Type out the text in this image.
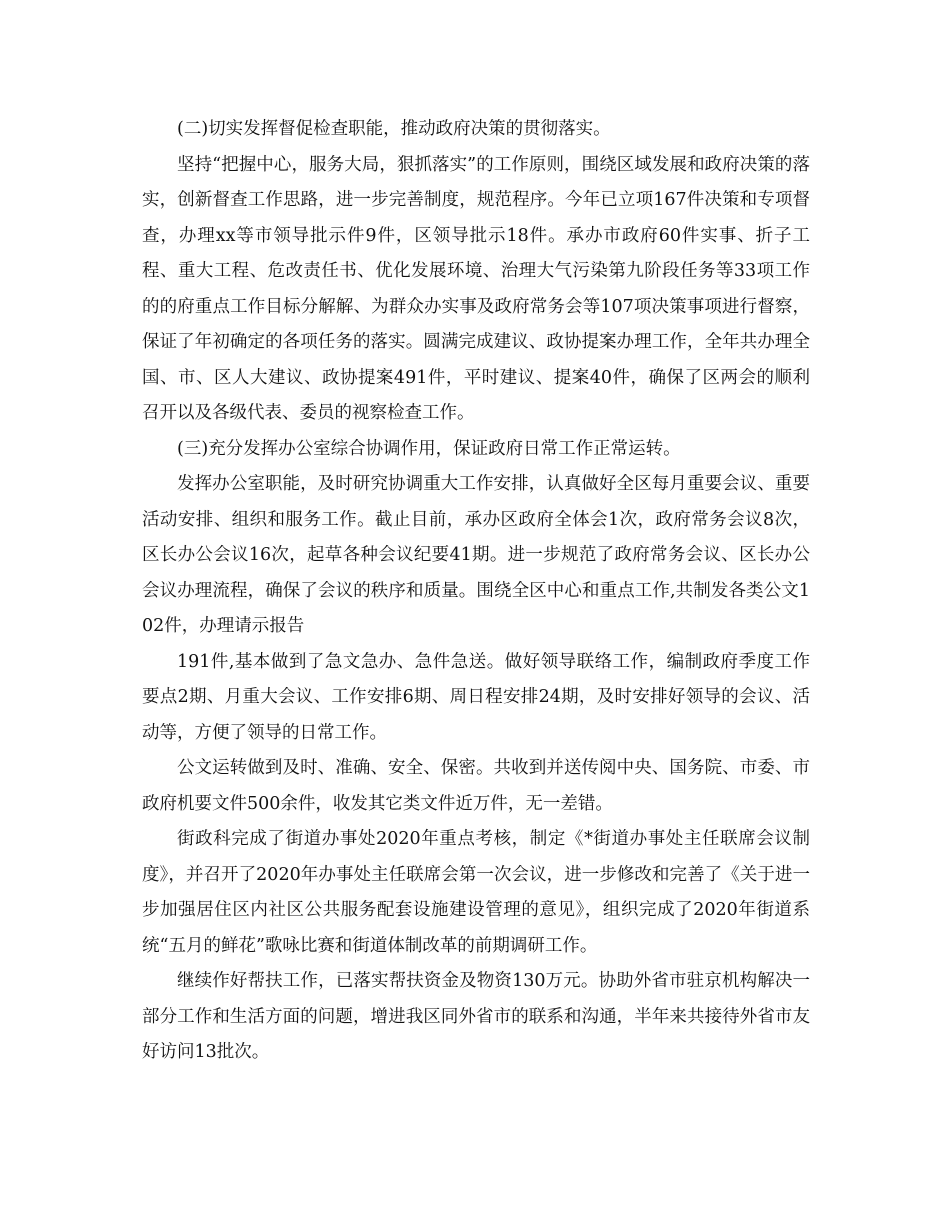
(二)切实发挥督促检查职能，推动政府决策的贯彻落实。

坚持“把握中心，服务大局，狠抓落实”的工作原则，围绕区域发展和政府决策的落实，创新督查工作思路，进一步完善制度，规范程序。今年已立项167件决策和专项督查，办理xx等市领导批示件9件，区领导批示18件。承办市政府60件实事、折子工程、重大工程、危改责任书、优化发展环境、治理大气污染第九阶段任务等33项工作的的府重点工作目标分解解、为群众办实事及政府常务会等107项决策事项进行督察，保证了年初确定的各项任务的落实。圆满完成建议、政协提案办理工作，全年共办理全国、市、区人大建议、政协提案491件，平时建议、提案40件，确保了区两会的顺利召开以及各级代表、委员的视察检查工作。

(三)充分发挥办公室综合协调作用，保证政府日常工作正常运转。

发挥办公室职能，及时研究协调重大工作安排，认真做好全区每月重要会议、重要活动安排、组织和服务工作。截止目前，承办区政府全体会1次，政府常务会议8次，区长办公会议16次，起草各种会议纪要41期。进一步规范了政府常务会议、区长办公会议办理流程，确保了会议的秩序和质量。围绕全区中心和重点工作,共制发各类公文102件，办理请示报告

191件,基本做到了急文急办、急件急送。做好领导联络工作，编制政府季度工作要点2期、月重大会议、工作安排6期、周日程安排24期，及时安排好领导的会议、活动等，方便了领导的日常工作。

公文运转做到及时、准确、安全、保密。共收到并送传阅中央、国务院、市委、市政府机要文件500余件，收发其它类文件近万件，无一差错。

街政科完成了街道办事处2020年重点考核，制定《*街道办事处主任联席会议制度》，并召开了2020年办事处主任联席会第一次会议，进一步修改和完善了《关于进一步加强居住区内社区公共服务配套设施建设管理的意见》，组织完成了2020年街道系统“五月的鲜花”歌咏比赛和街道体制改革的前期调研工作。

继续作好帮扶工作，已落实帮扶资金及物资130万元。协助外省市驻京机构解决一部分工作和生活方面的问题，增进我区同外省市的联系和沟通，半年来共接待外省市友好访问13批次。
